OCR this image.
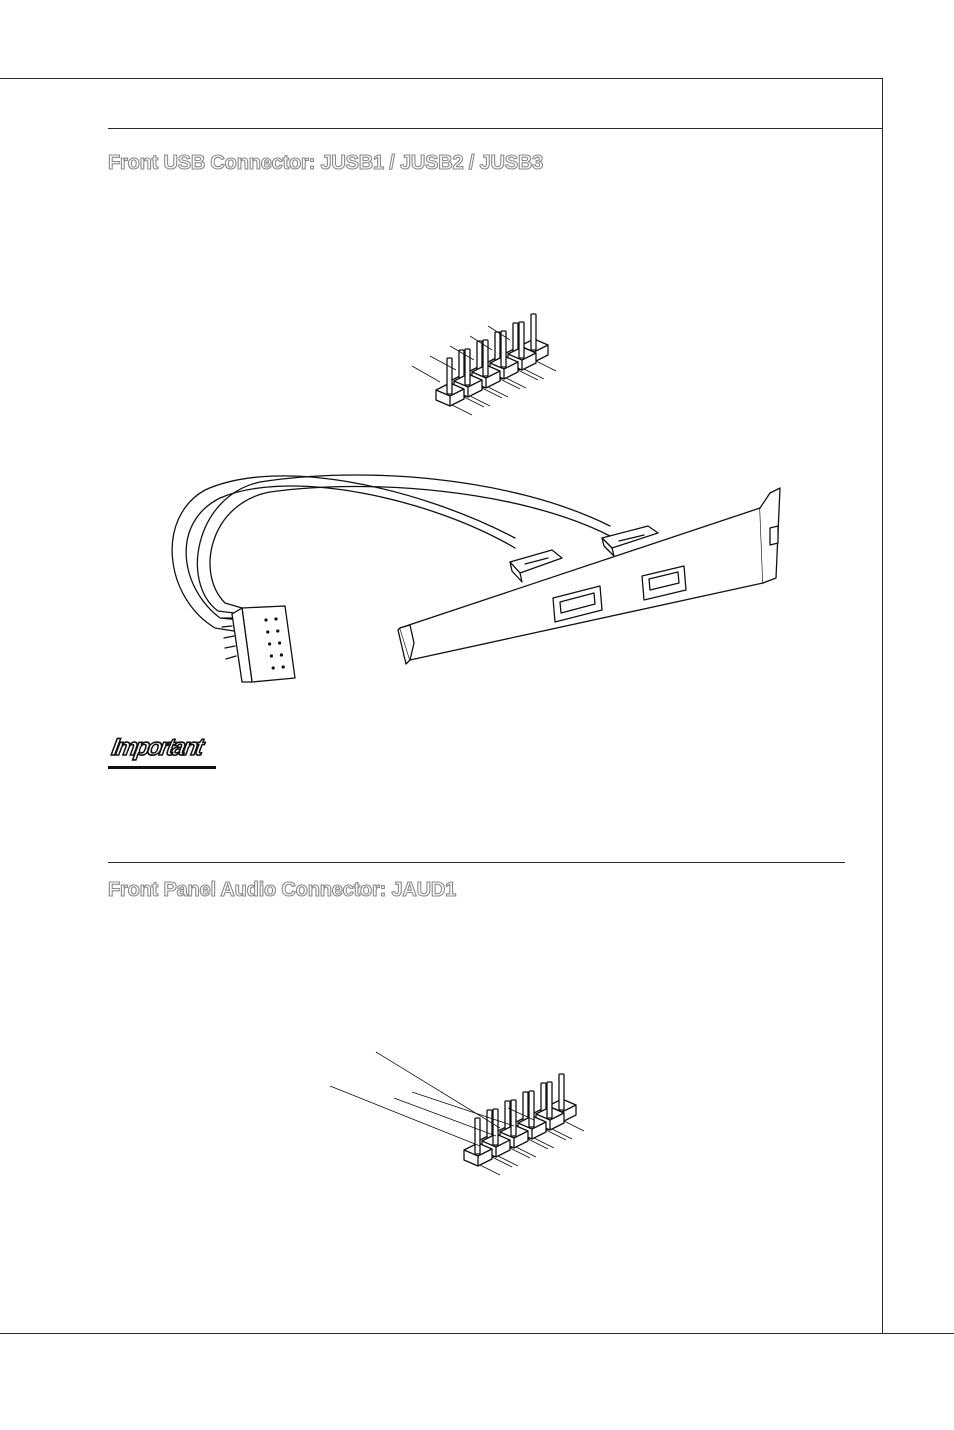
Front USB Connector: JUSB1 / JUSB2 / JUSB3
Important
Front Panel Audio Connector: JAUD1
